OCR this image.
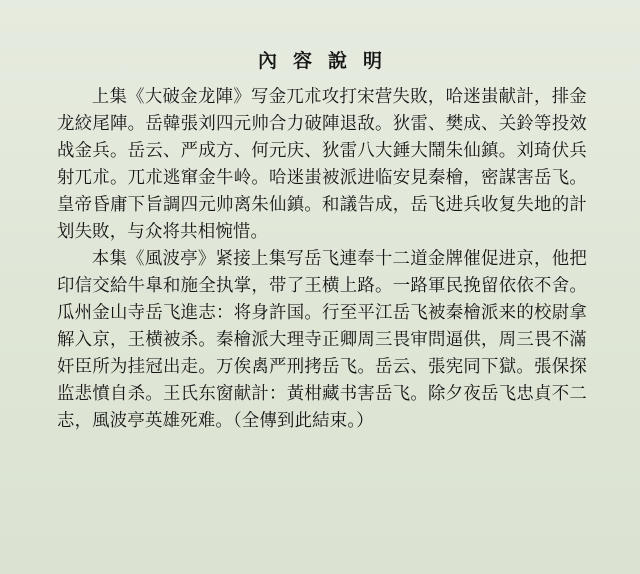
內容說明

上集《大破金龙陣》写金兀朮攻打宋营失敗，哈迷蚩献計，排金龙絞尾陣。岳韓張刘四元帅合力破陣退敌。狄雷、樊成、关鈴等投效战金兵。岳云、严成方、何元庆、狄雷八大錘大鬧朱仙鎮。刘琦伏兵射兀朮。兀朮逃窜金牛岭。哈迷蚩被派进临安見秦檜，密謀害岳飞。皇帝昏庸下旨調四元帅离朱仙鎮。和議告成，岳飞进兵收复失地的計划失敗，与众将共相惋惜。

本集《風波亭》紧接上集写岳飞連奉十二道金牌催促进京，他把印信交給牛臯和施全执掌，带了王横上路。一路軍民挽留依依不舍。瓜州金山寺岳飞進志：将身許国。行至平江岳飞被秦檜派来的校尉拿解入京，王横被杀。秦檜派大理寺正卿周三畏审問逼供，周三畏不滿奸臣所为挂冠出走。万俟禼严刑拷岳飞。岳云、張宪同下獄。張保探监悲憤自杀。王氏东窗献計：黃柑藏书害岳飞。除夕夜岳飞忠貞不二志，風波亭英雄死难。（全傳到此結束。）
